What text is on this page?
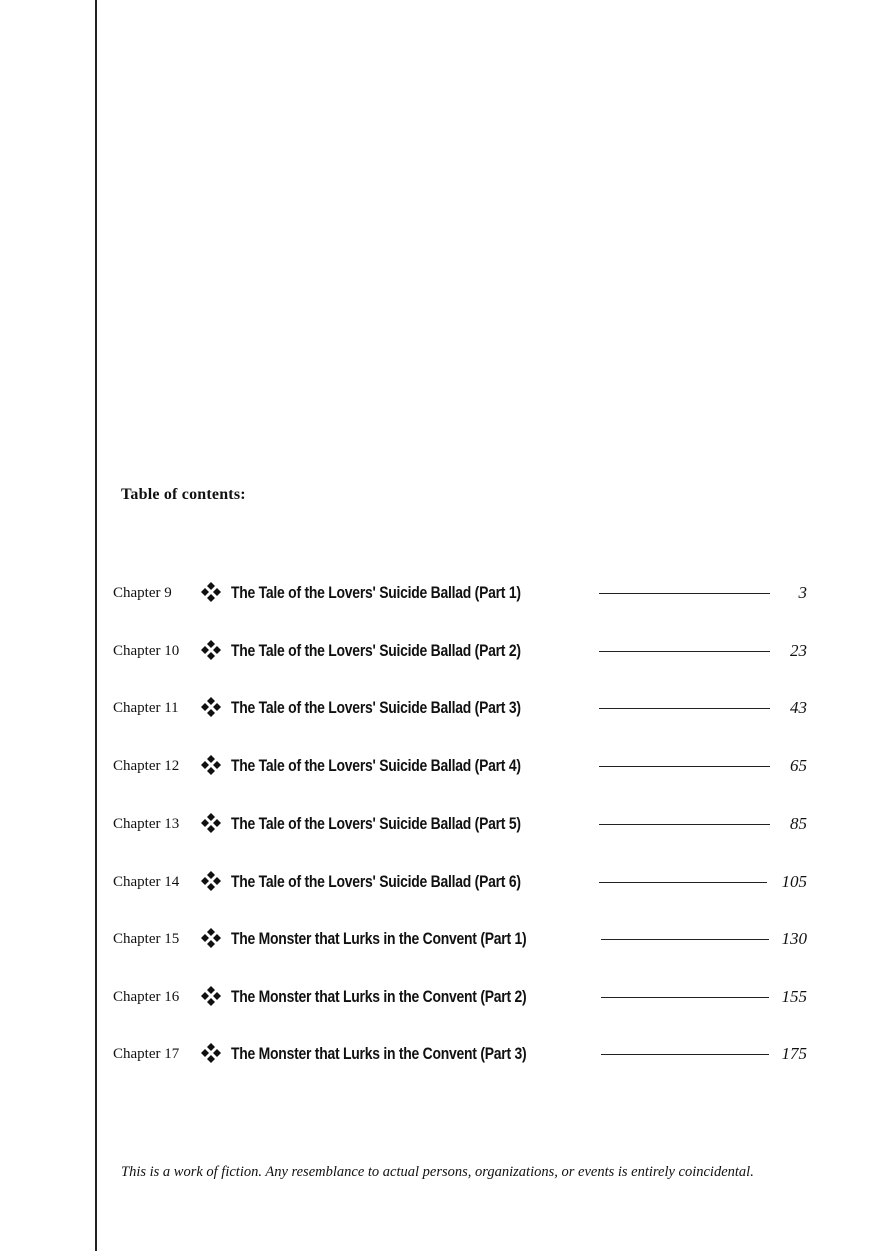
Table of contents:
Chapter 9	The Tale of the Lovers' Suicide Ballad (Part 1)	3
Chapter 10	The Tale of the Lovers' Suicide Ballad (Part 2)	23
Chapter 11	The Tale of the Lovers' Suicide Ballad (Part 3)	43
Chapter 12	The Tale of the Lovers' Suicide Ballad (Part 4)	65
Chapter 13	The Tale of the Lovers' Suicide Ballad (Part 5)	85
Chapter 14	The Tale of the Lovers' Suicide Ballad (Part 6)	105
Chapter 15	The Monster that Lurks in the Convent (Part 1)	130
Chapter 16	The Monster that Lurks in the Convent (Part 2)	155
Chapter 17	The Monster that Lurks in the Convent (Part 3)	175
This is a work of fiction. Any resemblance to actual persons, organizations, or events is entirely coincidental.
